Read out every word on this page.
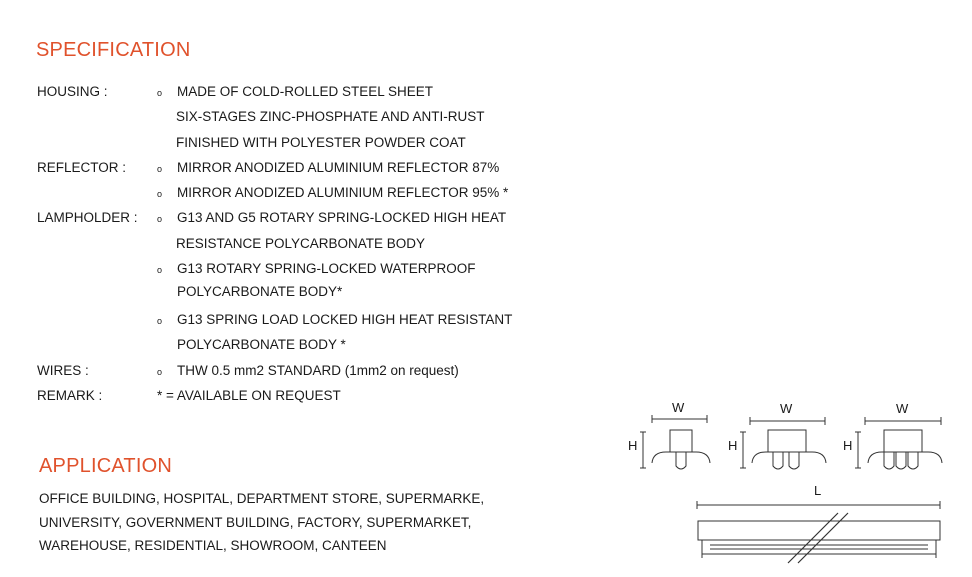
SPECIFICATION
HOUSING :	o MADE OF COLD-ROLLED STEEL SHEET
SIX-STAGES ZINC-PHOSPHATE AND ANTI-RUST
FINISHED WITH POLYESTER POWDER COAT
REFLECTOR :	o MIRROR ANODIZED ALUMINIUM REFLECTOR 87%
o MIRROR ANODIZED ALUMINIUM REFLECTOR 95% *
LAMPHOLDER : o G13 AND G5 ROTARY SPRING-LOCKED HIGH HEAT
RESISTANCE POLYCARBONATE BODY
o G13 ROTARY SPRING-LOCKED WATERPROOF
POLYCARBONATE BODY*
o G13 SPRING LOAD LOCKED HIGH HEAT RESISTANT
POLYCARBONATE BODY *
WIRES :	o THW 0.5 mm2 STANDARD (1mm2 on request)
REMARK :	* = AVAILABLE ON REQUEST
APPLICATION
OFFICE BUILDING, HOSPITAL, DEPARTMENT STORE, SUPERMARKE,
UNIVERSITY, GOVERNMENT BUILDING, FACTORY, SUPERMARKET,
WAREHOUSE, RESIDENTIAL, SHOWROOM, CANTEEN
W	W	W
H	H	H
L
